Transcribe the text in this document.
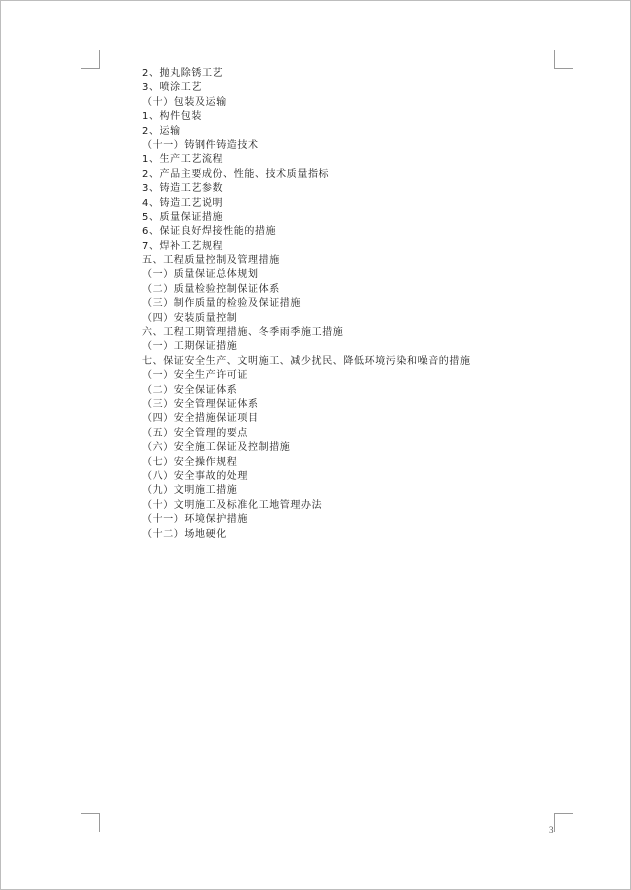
2、抛丸除锈工艺
3、喷涂工艺
（十）包装及运输
1、构件包装
2、运输
（十一）铸钢件铸造技术
1、生产工艺流程
2、产品主要成份、性能、技术质量指标
3、铸造工艺参数
4、铸造工艺说明
5、质量保证措施
6、保证良好焊接性能的措施
7、焊补工艺规程
五、工程质量控制及管理措施
（一）质量保证总体规划
（二）质量检验控制保证体系
（三）制作质量的检验及保证措施
（四）安装质量控制
六、工程工期管理措施、冬季雨季施工措施
（一）工期保证措施
七、保证安全生产、文明施工、减少扰民、降低环境污染和噪音的措施
（一）安全生产许可证
（二）安全保证体系
（三）安全管理保证体系
（四）安全措施保证项目
（五）安全管理的要点
（六）安全施工保证及控制措施
（七）安全操作规程
（八）安全事故的处理
（九）文明施工措施
（十）文明施工及标准化工地管理办法
（十一）环境保护措施
（十二）场地硬化
3
